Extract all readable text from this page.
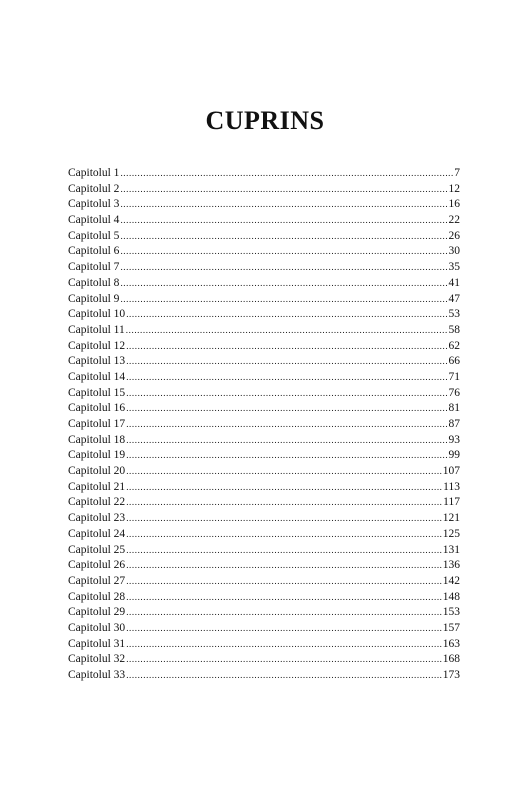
CUPRINS
Capitolul 1 .....	7
Capitolul 2 .....	12
Capitolul 3 .....	16
Capitolul 4 .....	22
Capitolul 5 .....	26
Capitolul 6 .....	30
Capitolul 7 .....	35
Capitolul 8 .....	41
Capitolul 9 .....	47
Capitolul 10 .....	53
Capitolul 11 .....	58
Capitolul 12 .....	62
Capitolul 13 .....	66
Capitolul 14 .....	71
Capitolul 15 .....	76
Capitolul 16 .....	81
Capitolul 17 .....	87
Capitolul 18 .....	93
Capitolul 19 .....	99
Capitolul 20 .....	107
Capitolul 21 .....	113
Capitolul 22 .....	117
Capitolul 23 .....	121
Capitolul 24 .....	125
Capitolul 25 .....	131
Capitolul 26 .....	136
Capitolul 27 .....	142
Capitolul 28 .....	148
Capitolul 29 .....	153
Capitolul 30 .....	157
Capitolul 31 .....	163
Capitolul 32 .....	168
Capitolul 33 .....	173
